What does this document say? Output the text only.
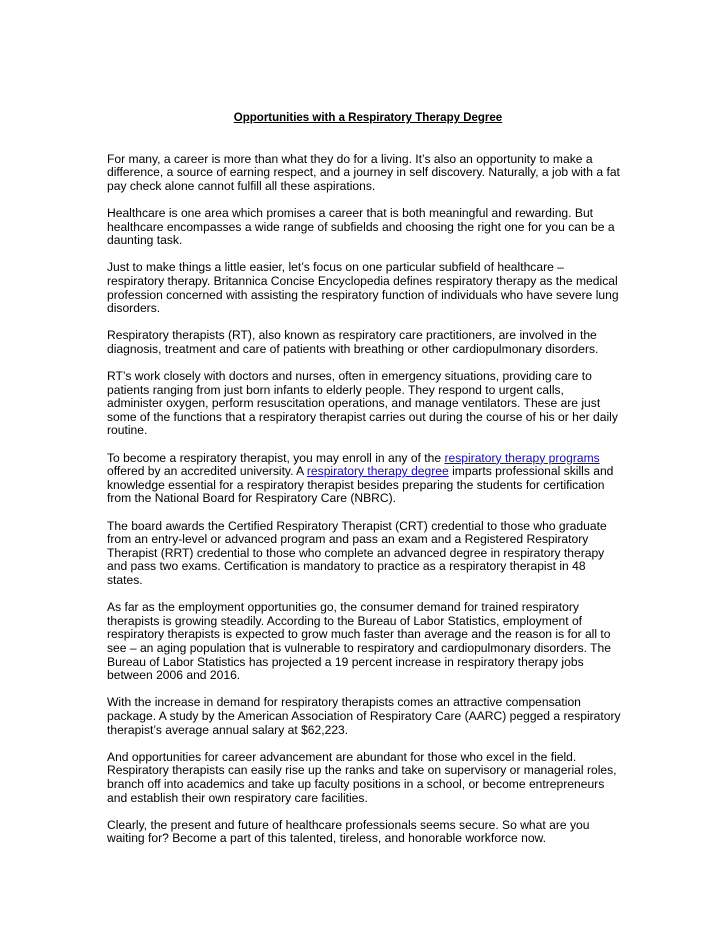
Opportunities with a Respiratory Therapy Degree

For many, a career is more than what they do for a living. It’s also an opportunity to make a difference, a source of earning respect, and a journey in self discovery. Naturally, a job with a fat pay check alone cannot fulfill all these aspirations.

Healthcare is one area which promises a career that is both meaningful and rewarding. But healthcare encompasses a wide range of subfields and choosing the right one for you can be a daunting task.

Just to make things a little easier, let’s focus on one particular subfield of healthcare – respiratory therapy. Britannica Concise Encyclopedia defines respiratory therapy as the medical profession concerned with assisting the respiratory function of individuals who have severe lung disorders.

Respiratory therapists (RT), also known as respiratory care practitioners, are involved in the diagnosis, treatment and care of patients with breathing or other cardiopulmonary disorders.

RT’s work closely with doctors and nurses, often in emergency situations, providing care to patients ranging from just born infants to elderly people. They respond to urgent calls, administer oxygen, perform resuscitation operations, and manage ventilators. These are just some of the functions that a respiratory therapist carries out during the course of his or her daily routine.

To become a respiratory therapist, you may enroll in any of the respiratory therapy programs offered by an accredited university. A respiratory therapy degree imparts professional skills and knowledge essential for a respiratory therapist besides preparing the students for certification from the National Board for Respiratory Care (NBRC).

The board awards the Certified Respiratory Therapist (CRT) credential to those who graduate from an entry-level or advanced program and pass an exam and a Registered Respiratory Therapist (RRT) credential to those who complete an advanced degree in respiratory therapy and pass two exams. Certification is mandatory to practice as a respiratory therapist in 48 states.

As far as the employment opportunities go, the consumer demand for trained respiratory therapists is growing steadily. According to the Bureau of Labor Statistics, employment of respiratory therapists is expected to grow much faster than average and the reason is for all to see – an aging population that is vulnerable to respiratory and cardiopulmonary disorders. The Bureau of Labor Statistics has projected a 19 percent increase in respiratory therapy jobs between 2006 and 2016.

With the increase in demand for respiratory therapists comes an attractive compensation package. A study by the American Association of Respiratory Care (AARC) pegged a respiratory therapist’s average annual salary at $62,223.

And opportunities for career advancement are abundant for those who excel in the field. Respiratory therapists can easily rise up the ranks and take on supervisory or managerial roles, branch off into academics and take up faculty positions in a school, or become entrepreneurs and establish their own respiratory care facilities.

Clearly, the present and future of healthcare professionals seems secure. So what are you waiting for? Become a part of this talented, tireless, and honorable workforce now.
